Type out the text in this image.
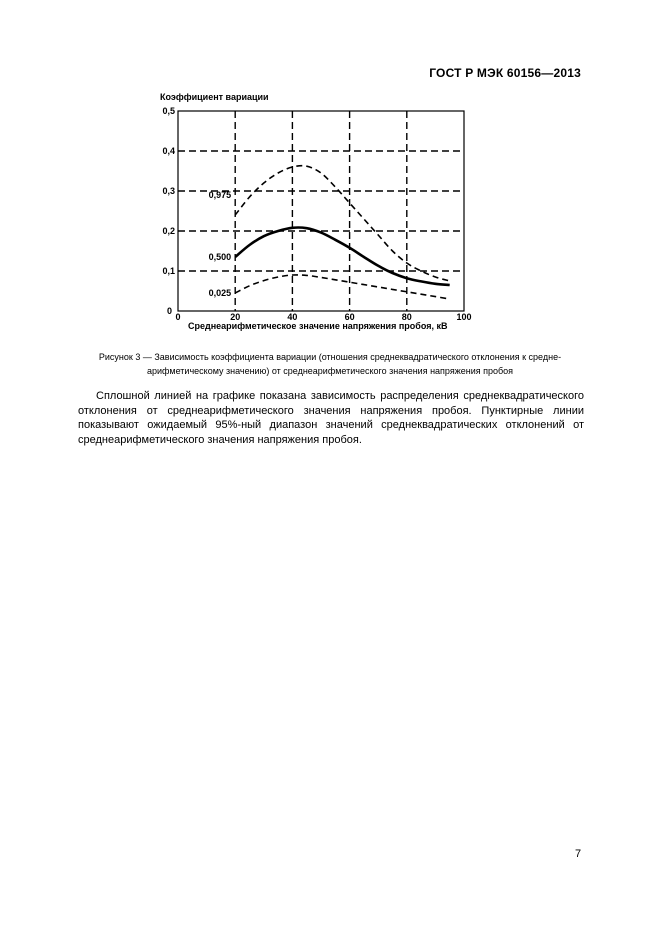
ГОСТ Р МЭК 60156—2013
Коэффициент вариации
Среднеарифметическое значение напряжения пробоя, кВ
0	20	40	60	80	100
0,5
0,4
0,3
0,2
0,1
0
0,975
0,500
0,025
Рисунок 3 — Зависимость коэффициента вариации (отношения среднеквадратического отклонения к средне-
арифметическому значению) от среднеарифметического значения напряжения пробоя

Сплошной линией на графике показана зависимость распределения среднеквадратического отклонения от среднеарифметического значения напряжения пробоя. Пунктирные линии показывают ожидаемый 95%-ный диапазон значений среднеквадратических отклонений от среднеарифметического значения напряжения пробоя.

7
